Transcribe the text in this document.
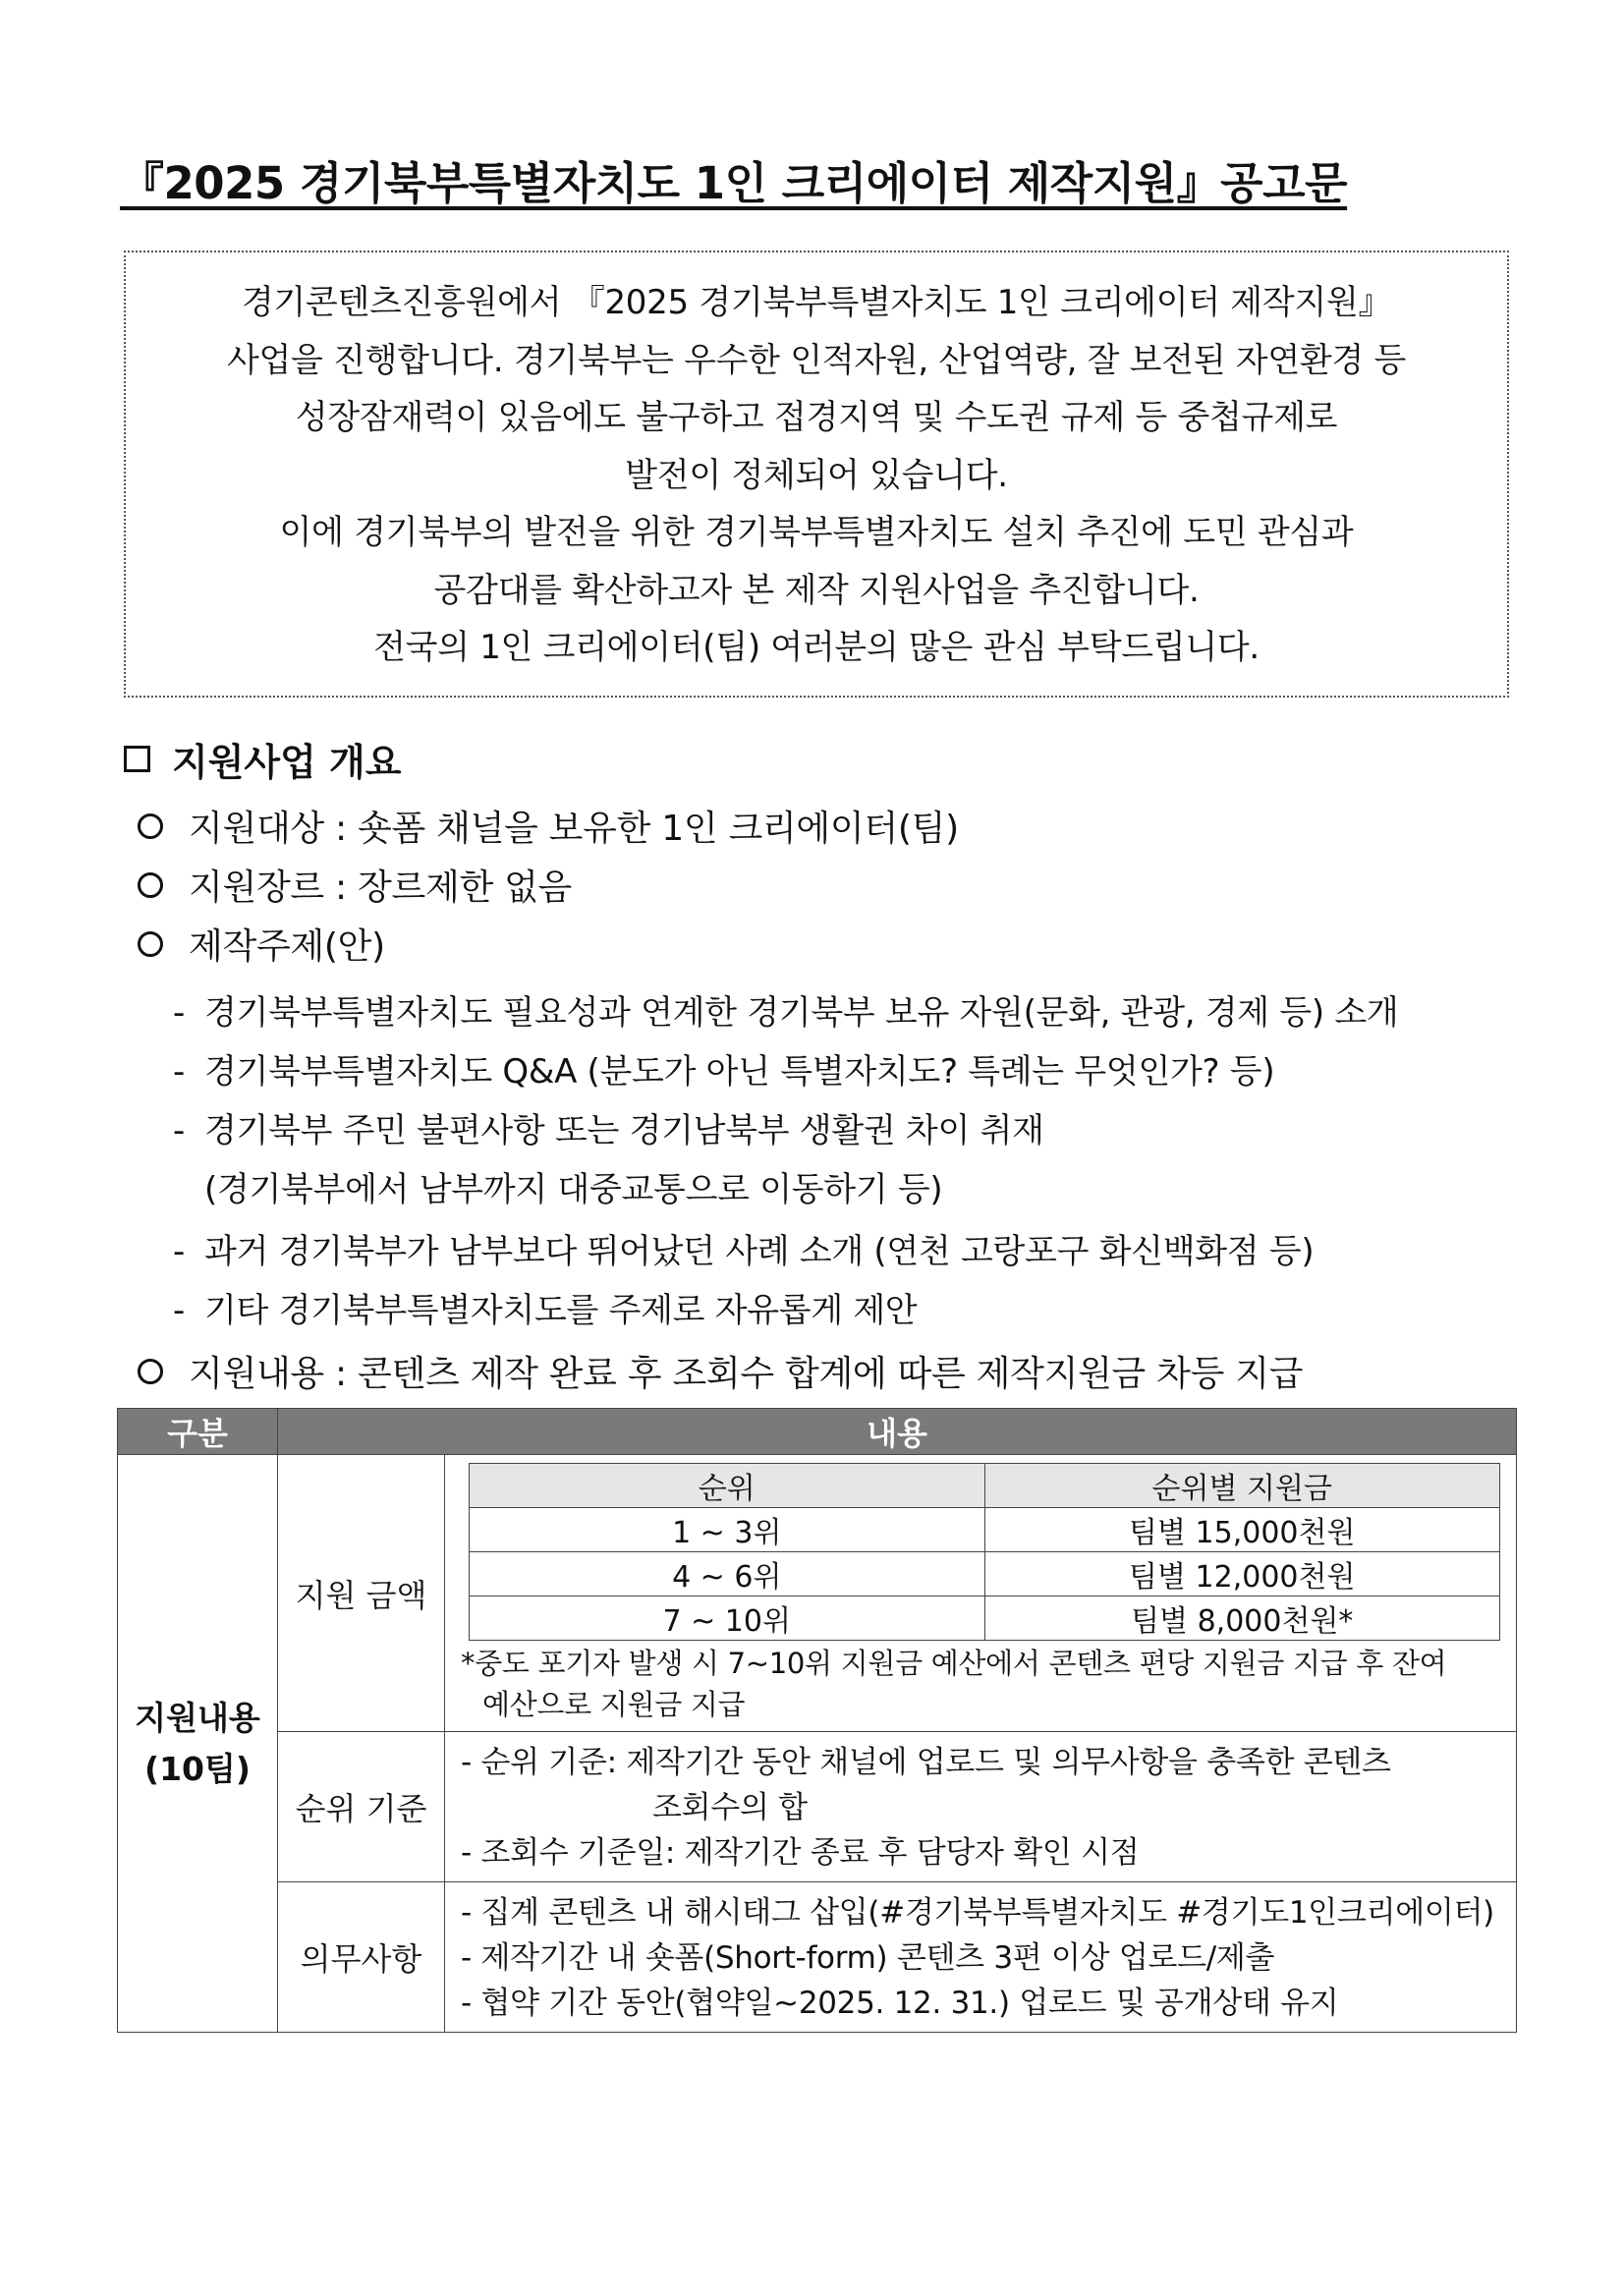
『2025 경기북부특별자치도 1인 크리에이터 제작지원』공고문
경기콘텐츠진흥원에서 『2025 경기북부특별자치도 1인 크리에이터 제작지원』
사업을 진행합니다. 경기북부는 우수한 인적자원, 산업역량, 잘 보전된 자연환경 등
성장잠재력이 있음에도 불구하고 접경지역 및 수도권 규제 등 중첩규제로
발전이 정체되어 있습니다.
이에 경기북부의 발전을 위한 경기북부특별자치도 설치 추진에 도민 관심과
공감대를 확산하고자 본 제작 지원사업을 추진합니다.
전국의 1인 크리에이터(팀) 여러분의 많은 관심 부탁드립니다.
지원사업 개요
지원대상 : 숏폼 채널을 보유한 1인 크리에이터(팀)
지원장르 : 장르제한 없음
제작주제(안)
- 경기북부특별자치도 필요성과 연계한 경기북부 보유 자원(문화, 관광, 경제 등) 소개
- 경기북부특별자치도 Q&A (분도가 아닌 특별자치도? 특례는 무엇인가? 등)
- 경기북부 주민 불편사항 또는 경기남북부 생활권 차이 취재
(경기북부에서 남부까지 대중교통으로 이동하기 등)
- 과거 경기북부가 남부보다 뛰어났던 사례 소개 (연천 고랑포구 화신백화점 등)
- 기타 경기북부특별자치도를 주제로 자유롭게 제안
지원내용 : 콘텐츠 제작 완료 후 조회수 합계에 따른 제작지원금 차등 지급
구분	내용

지원내용
(10팀)
	지원 금액	
순위	순위별 지원금
1 ~ 3위	팀별 15,000천원
4 ~ 6위	팀별 12,000천원
7 ~ 10위	팀별 8,000천원*
*중도 포기자 발생 시 7~10위 지원금 예산에서 콘텐츠 편당 지원금 지급 후 잔여
예산으로 지원금 지급

순위 기준	
- 순위 기준: 제작기간 동안 채널에 업로드 및 의무사항을 충족한 콘텐츠
조회수의 합
- 조회수 기준일: 제작기간 종료 후 담당자 확인 시점

의무사항	
- 집계 콘텐츠 내 해시태그 삽입(#경기북부특별자치도 #경기도1인크리에이터)
- 제작기간 내 숏폼(Short-form) 콘텐츠 3편 이상 업로드/제출
- 협약 기간 동안(협약일~2025. 12. 31.) 업로드 및 공개상태 유지
